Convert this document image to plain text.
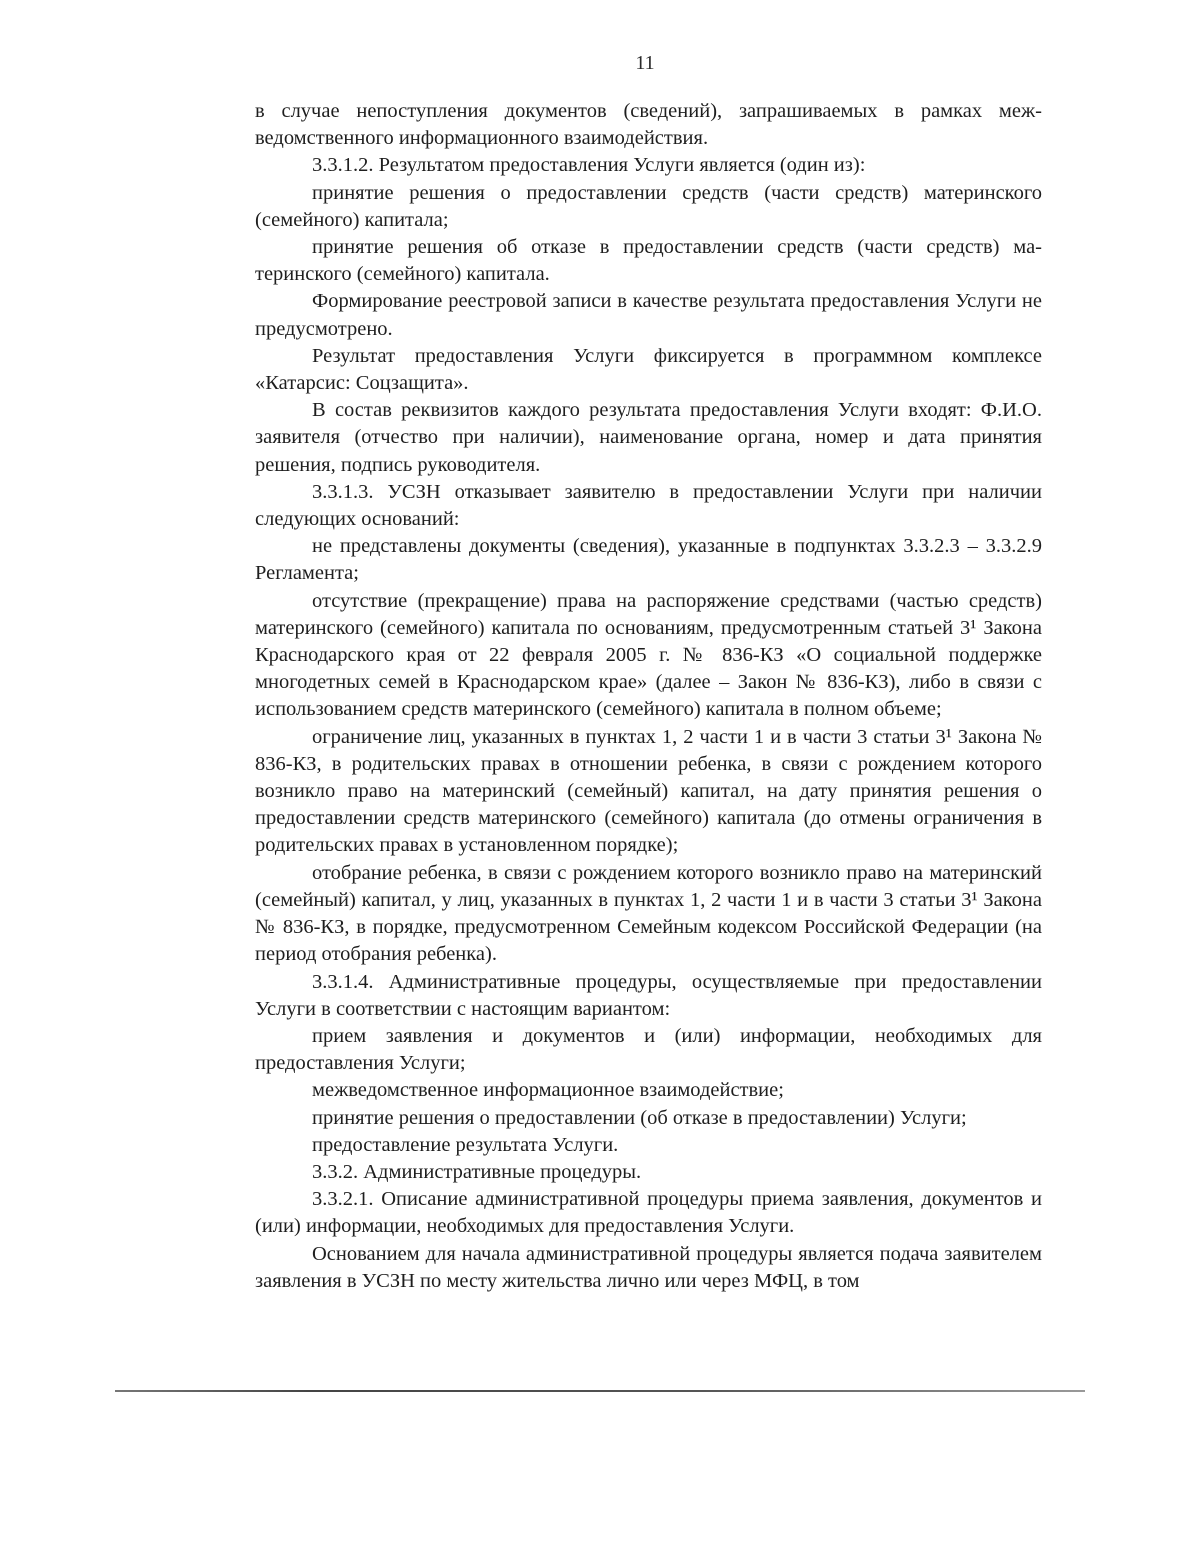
11

в случае непоступления документов (сведений), запрашиваемых в рамках межведомственного информационного взаимодействия.

3.3.1.2. Результатом предоставления Услуги является (один из):

принятие решения о предоставлении средств (части средств) материнского (семейного) капитала;

принятие решения об отказе в предоставлении средств (части средств) материнского (семейного) капитала.

Формирование реестровой записи в качестве результата предоставления Услуги не предусмотрено.

Результат предоставления Услуги фиксируется в программном комплексе «Катарсис: Соцзащита».

В состав реквизитов каждого результата предоставления Услуги входят: Ф.И.О. заявителя (отчество при наличии), наименование органа, номер и дата принятия решения, подпись руководителя.

3.3.1.3. УСЗН отказывает заявителю в предоставлении Услуги при наличии следующих оснований:

не представлены документы (сведения), указанные в подпунктах 3.3.2.3 – 3.3.2.9 Регламента;

отсутствие (прекращение) права на распоряжение средствами (частью средств) материнского (семейного) капитала по основаниям, предусмотренным статьей 3¹ Закона Краснодарского края от 22 февраля 2005 г. № 836-КЗ «О социальной поддержке многодетных семей в Краснодарском крае» (далее – Закон № 836-КЗ), либо в связи с использованием средств материнского (семейного) капитала в полном объеме;

ограничение лиц, указанных в пунктах 1, 2 части 1 и в части 3 статьи 3¹ Закона № 836-КЗ, в родительских правах в отношении ребенка, в связи с рождением которого возникло право на материнский (семейный) капитал, на дату принятия решения о предоставлении средств материнского (семейного) капитала (до отмены ограничения в родительских правах в установленном порядке);

отобрание ребенка, в связи с рождением которого возникло право на материнский (семейный) капитал, у лиц, указанных в пунктах 1, 2 части 1 и в части 3 статьи 3¹ Закона № 836-КЗ, в порядке, предусмотренном Семейным кодексом Российской Федерации (на период отобрания ребенка).

3.3.1.4. Административные процедуры, осуществляемые при предоставлении Услуги в соответствии с настоящим вариантом:

прием заявления и документов и (или) информации, необходимых для предоставления Услуги;

межведомственное информационное взаимодействие;

принятие решения о предоставлении (об отказе в предоставлении) Услуги;

предоставление результата Услуги.

3.3.2. Административные процедуры.

3.3.2.1. Описание административной процедуры приема заявления, документов и (или) информации, необходимых для предоставления Услуги.

Основанием для начала административной процедуры является подача заявителем заявления в УСЗН по месту жительства лично или через МФЦ, в том
